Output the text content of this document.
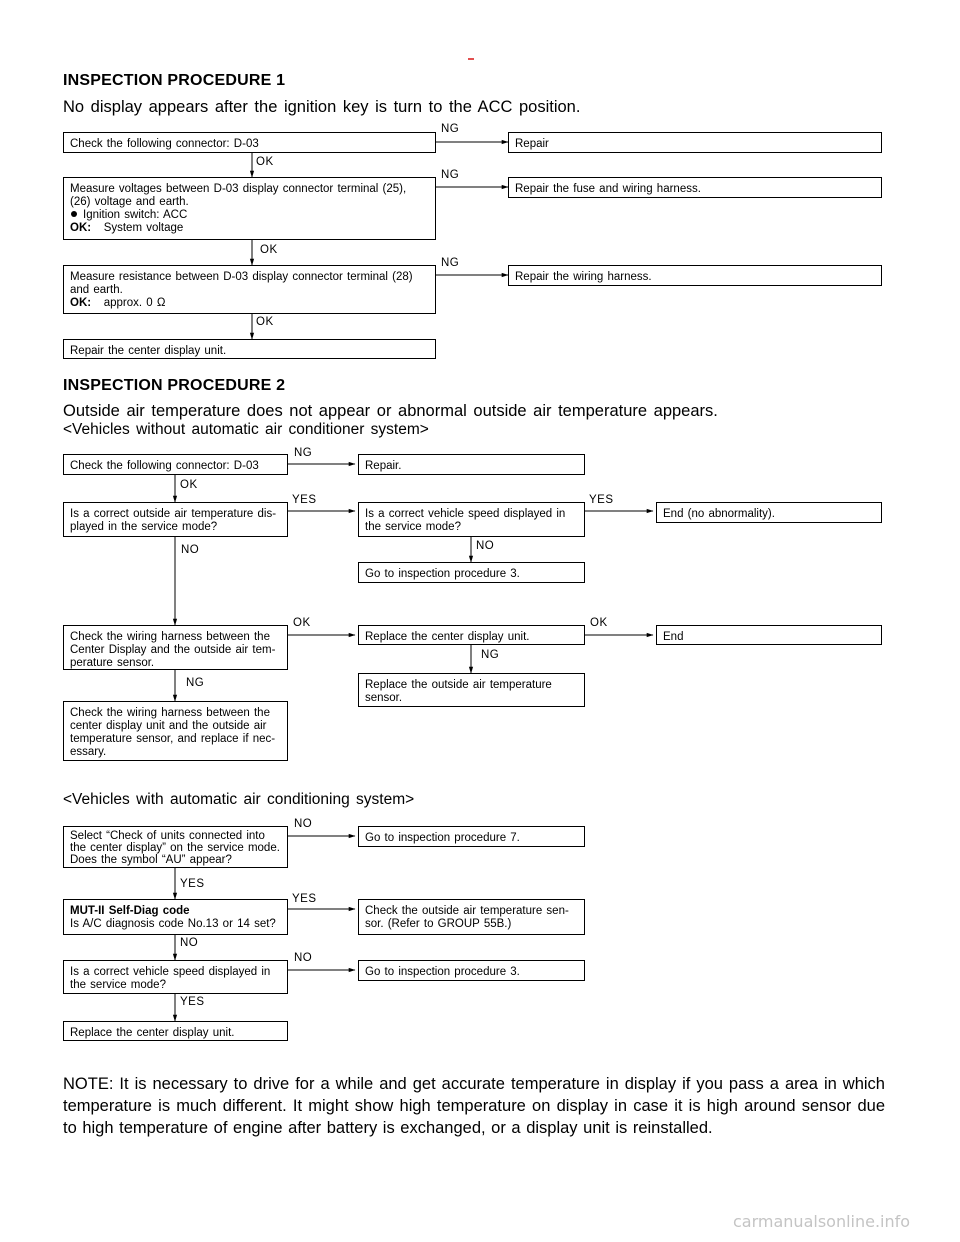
INSPECTION PROCEDURE 1
No display appears after the ignition key is turn to the ACC position.
Check the following connector: D-03
NG
Repair
OK
Measure voltages between D-03 display connector terminal (25),
(26) voltage and earth.
Ignition switch: ACC
OK: System voltage
NG
Repair the fuse and wiring harness.
OK
Measure resistance between D-03 display connector terminal (28)
and earth.
OK: approx. 0 Ω
NG
Repair the wiring harness.
OK
Repair the center display unit.
INSPECTION PROCEDURE 2
Outside air temperature does not appear or abnormal outside air temperature appears.
<Vehicles without automatic air conditioner system>
Check the following connector: D-03
NG
Repair.
OK
Is a correct outside air temperature dis-
played in the service mode?
YES
Is a correct vehicle speed displayed in
the service mode?
YES
End (no abnormality).
NO
NO
Go to inspection procedure 3.
Check the wiring harness between the
Center Display and the outside air tem-
perature sensor.
OK
Replace the center display unit.
OK
End
NG
NG	Replace the outside air temperature
sensor.
Check the wiring harness between the
center display unit and the outside air
temperature sensor, and replace if nec-
essary.
<Vehicles with automatic air conditioning system>
Select “Check of units connected into
the center display” on the service mode.
Does the symbol “AU” appear?
NO
Go to inspection procedure 7.
YES
MUT-II Self-Diag code
Is A/C diagnosis code No.13 or 14 set?
YES
Check the outside air temperature sen-
sor. (Refer to GROUP 55B.)
NO
Is a correct vehicle speed displayed in
the service mode?
NO
Go to inspection procedure 3.
YES
Replace the center display unit.
NOTE: It is necessary to drive for a while and get accurate temperature in display if you pass a area in which temperature is much different. It might show high temperature on display in case it is high around sensor due to high temperature of engine after battery is exchanged, or a display unit is reinstalled.
carmanualsonline.info
